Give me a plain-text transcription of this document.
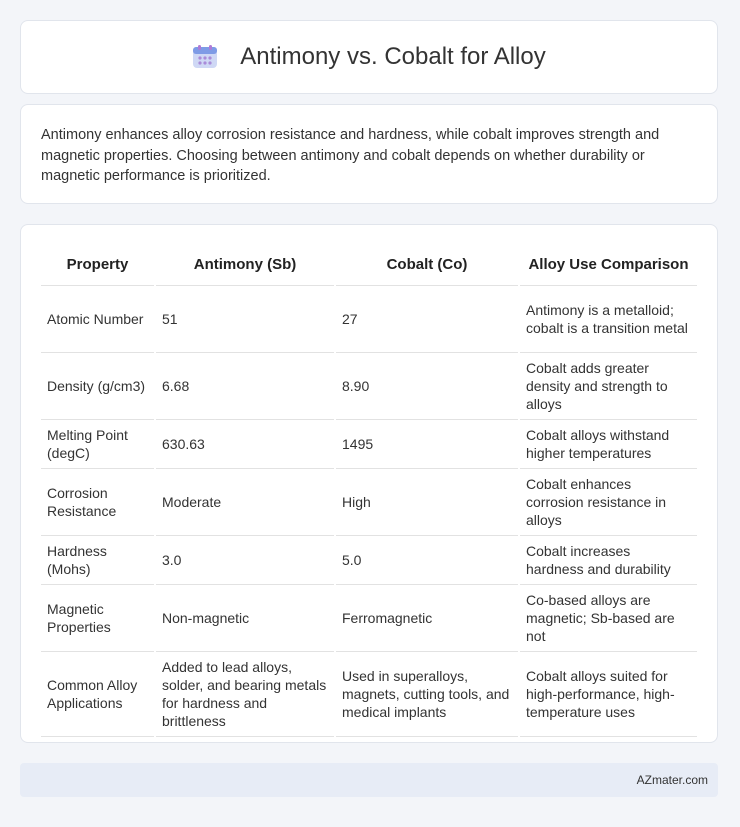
Antimony vs. Cobalt for Alloy

Antimony enhances alloy corrosion resistance and hardness, while cobalt improves strength and magnetic properties. Choosing between antimony and cobalt depends on whether durability or magnetic performance is prioritized.

Property	Antimony (Sb)	Cobalt (Co)	Alloy Use Comparison
Atomic Number	51	27	Antimony is a metalloid; cobalt is a transition metal
Density (g/cm3)	6.68	8.90	Cobalt adds greater density and strength to alloys
Melting Point (degC)	630.63	1495	Cobalt alloys withstand higher temperatures
Corrosion Resistance	Moderate	High	Cobalt enhances corrosion resistance in alloys
Hardness (Mohs)	3.0	5.0	Cobalt increases hardness and durability
Magnetic Properties	Non-magnetic	Ferromagnetic	Co-based alloys are magnetic; Sb-based are not
Common Alloy Applications	Added to lead alloys, solder, and bearing metals for hardness and brittleness	Used in superalloys, magnets, cutting tools, and medical implants	Cobalt alloys suited for high-performance, high-temperature uses
AZmater.com
